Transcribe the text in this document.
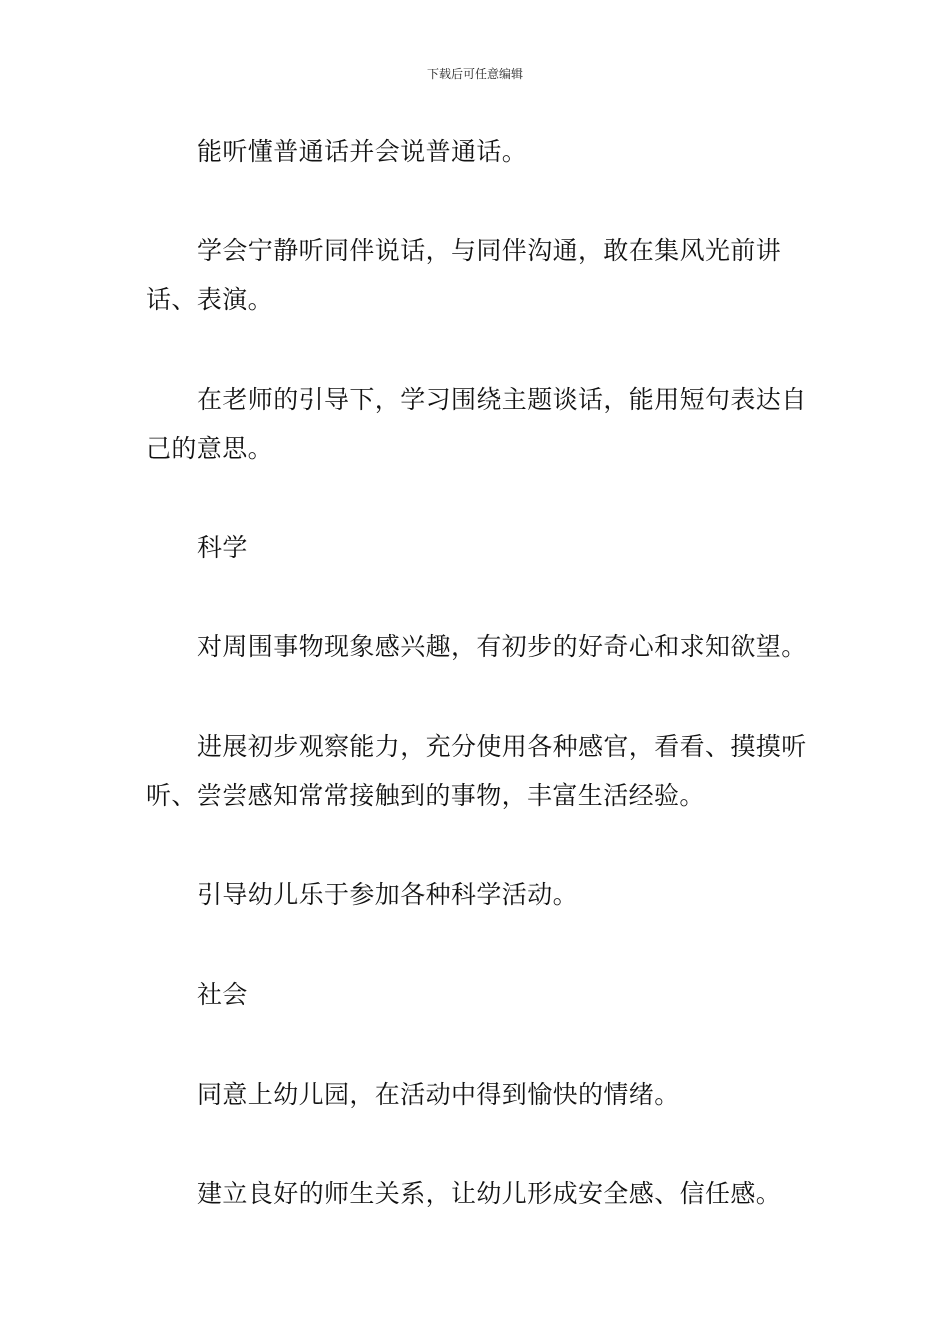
下载后可任意编辑

能听懂普通话并会说普通话。

学会宁静听同伴说话，与同伴沟通，敢在集风光前讲话、表演。

在老师的引导下，学习围绕主题谈话，能用短句表达自己的意思。

科学

对周围事物现象感兴趣，有初步的好奇心和求知欲望。

进展初步观察能力，充分使用各种感官，看看、摸摸听听、尝尝感知常常接触到的事物，丰富生活经验。

引导幼儿乐于参加各种科学活动。

社会

同意上幼儿园，在活动中得到愉快的情绪。

建立良好的师生关系，让幼儿形成安全感、信任感。
